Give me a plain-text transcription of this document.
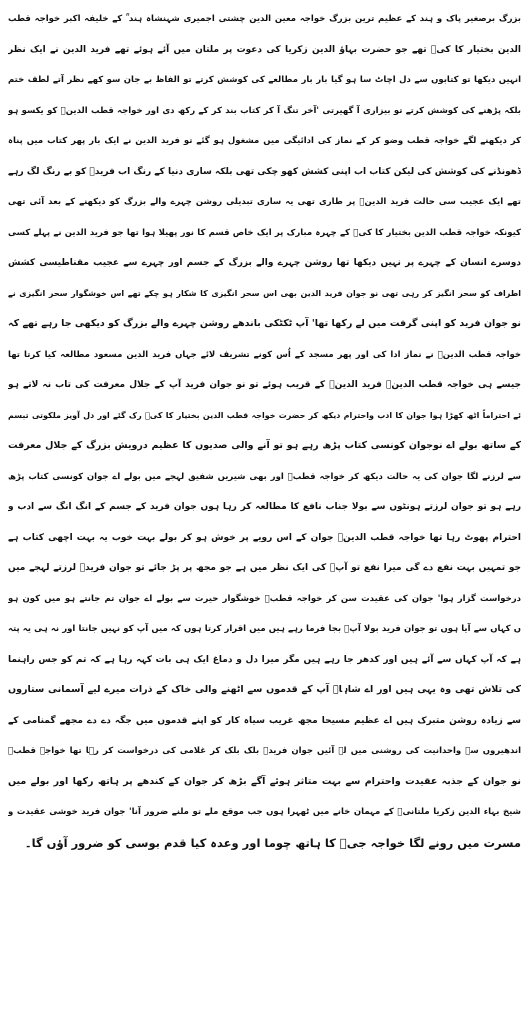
بزرگ برصغیر پاک و ہند کے عظیم ترین بزرگ خواجہ معین الدین چشتی اجمیری شہنشاہ ہند ؒ کے خلیفہ اکبر خواجہ قطب
الدین بختیار کا کیؒ تھے جو حضرت بہاؤ الدین زکریا کی دعوت پر ملتان میں آئے ہوئے تھے فرید الدین نے ایک نظر
انہیں دیکھا تو کتابوں سے دل اچاٹ سا ہو گیا بار بار مطالعے کی کوشش کرتے تو الفاظ بے جان سو کھے نظر آتے لطف ختم
بلکہ پڑھنے کی کوشش کرتے تو بیزاری آ گھیرتی 'آخر تنگ آ کر کتاب بند کر کے رکھ دی اور خواجہ قطب الدینؒ کو یکسو ہو
کر دیکھنے لگے خواجہ قطب وضو کر کے نماز کی ادائیگی میں مشغول ہو گئے تو فرید الدین نے ایک بار پھر کتاب میں پناہ
ڈھونڈنے کی کوشش کی لیکن کتاب اب اپنی کشش کھو چکی تھی بلکہ ساری دنیا کے رنگ اب فریدؒ کو بے رنگ لگ رہے
تھے ایک عجیب سی حالت فرید الدینؒ پر طاری تھی یہ ساری تبدیلی روشن چہرے والے بزرگ کو دیکھنے کے بعد آئی تھی
کیونکہ خواجہ قطب الدین بختیار کا کیؒ کے چہرہ مبارک پر ایک خاص قسم کا نور پھیلا ہوا تھا جو فرید الدین نے پہلے کسی
دوسرے انسان کے چہرے پر نہیں دیکھا تھا روشن چہرے والے بزرگ کے جسم اور چہرے سے عجیب مقناطیسی کشش
اطراف کو سحر انگیز کر رہی تھی نو جوان فرید الدین بھی اس سحر انگیزی کا شکار ہو چکے تھے اس خوشگوار سحر انگیزی نے
نو جوان فرید کو اپنی گرفت میں لے رکھا تھا' آپ ٹکٹکی باندھے روشن چہرے والے بزرگ کو دیکھی جا رہے تھے کہ
خواجہ قطب الدینؒ نے نماز ادا کی اور پھر مسجد کے اُس کونے تشریف لائے جہاں فرید الدین مسعود مطالعہ کیا کرتا تھا
جیسے ہی خواجہ قطب الدینؒ فرید الدینؒ کے قریب ہوئے تو نو جوان فرید آپ کے جلال معرفت کی تاب نہ لاتے ہو
ئے احتراماً اٹھ کھڑا ہوا جوان کا ادب واحترام دیکھ کر حضرت خواجہ قطب الدین بختیار کا کیؒ رک گئے اور دل آویز ملکوتی تبسم
کے ساتھ بولے اے نوجوان کونسی کتاب پڑھ رہے ہو تو آنے والی صدیوں کا عظیم درویش بزرگ کے جلال معرفت
سے لرزنے لگا جوان کی یہ حالت دیکھ کر خواجہ قطبؒ اور بھی شیریں شفیق لہجے میں بولے اے جوان کونسی کتاب پڑھ
رہے ہو تو جوان لرزتے ہونٹوں سے بولا جناب نافع کا مطالعہ کر رہا ہوں جوان فرید کے جسم کے انگ انگ سے ادب و
احترام پھوٹ رہا تھا خواجہ قطب الدینؒ جوان کے اس رویے پر خوش ہو کر بولے بہت خوب یہ بہت اچھی کتاب ہے
جو تمہیں بہت نفع دے گی میرا نفع تو آپؒ کی ایک نظر میں ہے جو مجھ پر پڑ جائے تو جوان فریدؒ لرزتے لہجے میں
درخواست گزار ہوا' جوان کی عقیدت سن کر خواجہ قطبؒ خوشگوار حیرت سے بولے اے جوان تم جانتے ہو میں کون ہو
ں کہاں سے آیا ہوں تو جوان فرید بولا آپؒ بجا فرما رہے ہیں میں اقرار کرتا ہوں کہ میں آپ کو نہیں جانتا اور نہ ہی یہ پتہ
ہے کہ آپ کہاں سے آئے ہیں اور کدھر جا رہے ہیں مگر میرا دل و دماغ ایک ہی بات کہہ رہا ہے کہ تم کو جس راہنما
کی تلاش تھی وہ یہی ہیں اور اے شاہاؒ آپ کے قدموں سے اٹھنے والی خاک کے ذرات میرے لیے آسمانی ستاروں
سے زیادہ روشن متبرک ہیں اے عظیم مسیحا مجھ غریب سیاہ کار کو اپنے قدموں میں جگہ دے دے مجھے گمنامی کے
اندھیروں سے واحدانیت کی روشنی میں لے آئیں جوان فریدؒ بلک بلک کر غلامی کی درخواست کر رہا تھا خواجہ قطبؒ
نو جوان کے جذبہ عقیدت واحترام سے بہت متاثر ہوئے آگے بڑھ کر جوان کے کندھے پر ہاتھ رکھا اور بولے میں
شیخ بہاء الدین زکریا ملتانیؒ کے مہمان خانے میں ٹھہرا ہوں جب موقع ملے تو ملنے ضرور آنا' جوان فرید خوشی عقیدت و
مسرت میں رونے لگا خواجہ جیؒ کا ہاتھ چوما اور وعدہ کیا قدم بوسی کو ضرور آؤں گا۔
